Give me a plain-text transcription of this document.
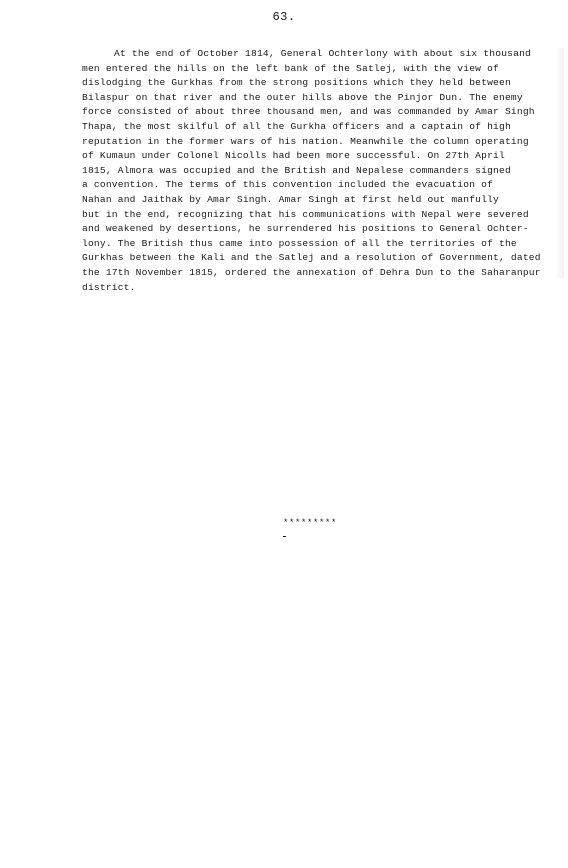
63.
At the end of October 1814, General Ochterlony with about six thousand
men entered the hills on the left bank of the Satlej, with the view of
dislodging the Gurkhas from the strong positions which they held between
Bilaspur on that river and the outer hills above the Pinjor Dun. The enemy
force consisted of about three thousand men, and was commanded by Amar Singh
Thapa, the most skilful of all the Gurkha officers and a captain of high
reputation in the former wars of his nation. Meanwhile the column operating
of Kumaun under Colonel Nicolls had been more successful. On 27th April
1815, Almora was occupied and the British and Nepalese commanders signed
a convention. The terms of this convention included the evacuation of
Nahan and Jaithak by Amar Singh. Amar Singh at first held out manfully
but in the end, recognizing that his communications with Nepal were severed
and weakened by desertions, he surrendered his positions to General Ochter-
lony. The British thus came into possession of all the territories of the
Gurkhas between the Kali and the Satlej and a resolution of Government, dated
the 17th November 1815, ordered the annexation of Dehra Dun to the Saharanpur
district.
*********
